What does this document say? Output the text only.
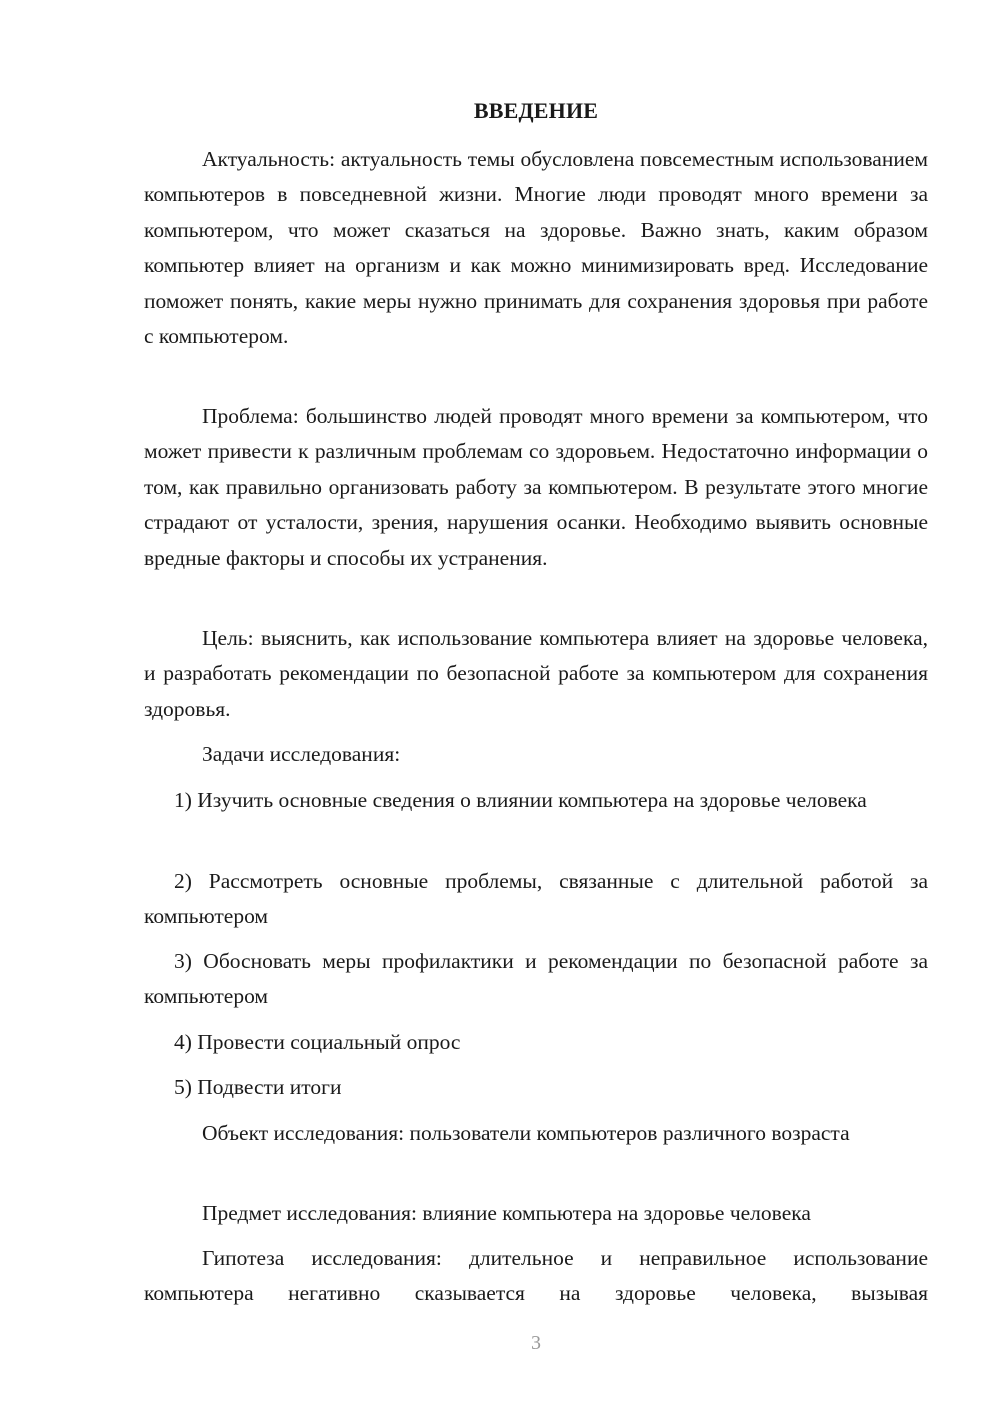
ВВЕДЕНИЕ

Актуальность: актуальность темы обусловлена повсеместным использованием компьютеров в повседневной жизни. Многие люди проводят много времени за компьютером, что может сказаться на здоровье. Важно знать, каким образом компьютер влияет на организм и как можно минимизировать вред. Исследование поможет понять, какие меры нужно принимать для сохранения здоровья при работе с компьютером.

Проблема: большинство людей проводят много времени за компьютером, что может привести к различным проблемам со здоровьем. Недостаточно информации о том, как правильно организовать работу за компьютером. В результате этого многие страдают от усталости, зрения, нарушения осанки. Необходимо выявить основные вредные факторы и способы их устранения.

Цель: выяснить, как использование компьютера влияет на здоровье человека, и разработать рекомендации по безопасной работе за компьютером для сохранения здоровья.

Задачи исследования:

1) Изучить основные сведения о влиянии компьютера на здоровье человека

2) Рассмотреть основные проблемы, связанные с длительной работой за компьютером

3) Обосновать меры профилактики и рекомендации по безопасной работе за компьютером

4) Провести социальный опрос

5) Подвести итоги

Объект исследования: пользователи компьютеров различного возраста

Предмет исследования: влияние компьютера на здоровье человека

Гипотеза исследования: длительное и неправильное использование компьютера негативно сказывается на здоровье человека, вызывая

3
